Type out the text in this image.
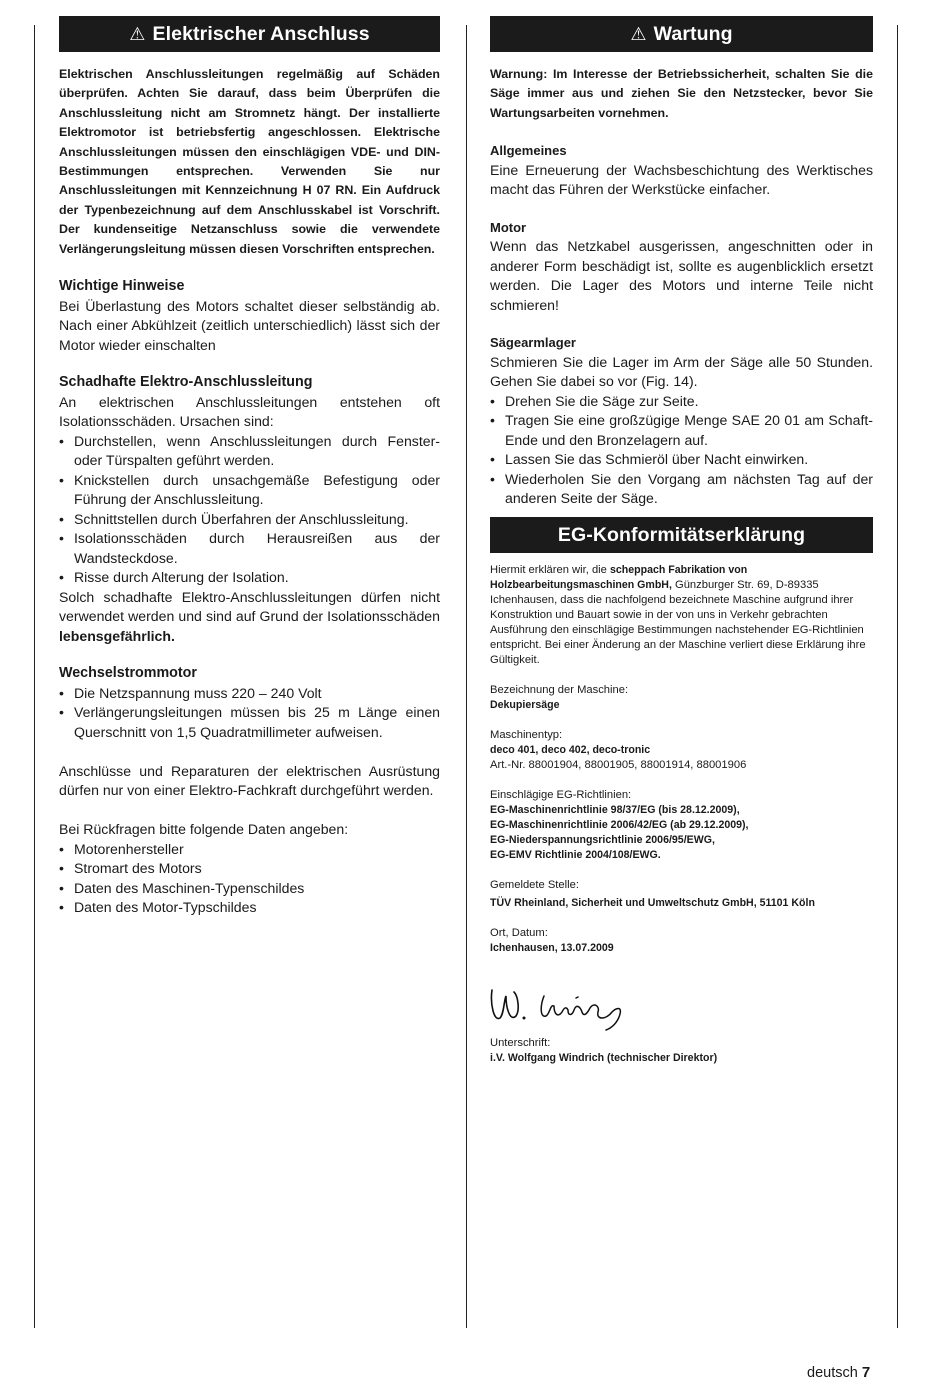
⚠ Elektrischer Anschluss

Elektrischen Anschlussleitungen regelmäßig auf Schäden überprüfen. Achten Sie darauf, dass beim Überprüfen die Anschlussleitung nicht am Stromnetz hängt. Der installierte Elektromotor ist betriebsfertig angeschlossen. Elektrische Anschlussleitungen müssen den einschlägigen VDE- und DIN-Bestimmungen entsprechen. Verwenden Sie nur Anschlussleitungen mit Kennzeichnung H 07 RN. Ein Aufdruck der Typenbezeichnung auf dem Anschlusskabel ist Vorschrift. Der kundenseitige Netzanschluss sowie die verwendete Verlängerungsleitung müssen diesen Vorschriften entsprechen.

Wichtige Hinweise

Bei Überlastung des Motors schaltet dieser selbständig ab. Nach einer Abkühlzeit (zeitlich unterschiedlich) lässt sich der Motor wieder einschalten

Schadhafte Elektro-Anschlussleitung

An elektrischen Anschlussleitungen entstehen oft Isolationsschäden. Ursachen sind:

• Durchstellen, wenn Anschlussleitungen durch Fenster- oder Türspalten geführt werden.
• Knickstellen durch unsachgemäße Befestigung oder Führung der Anschlussleitung.
• Schnittstellen durch Überfahren der Anschlussleitung.
• Isolationsschäden durch Herausreißen aus der Wandsteckdose.
• Risse durch Alterung der Isolation.

Solch schadhafte Elektro-Anschlussleitungen dürfen nicht verwendet werden und sind auf Grund der Isolationsschäden lebensgefährlich.

Wechselstrommotor

• Die Netzspannung muss 220 – 240 Volt
• Verlängerungsleitungen müssen bis 25 m Länge einen Querschnitt von 1,5 Quadratmillimeter aufweisen.

Anschlüsse und Reparaturen der elektrischen Ausrüstung dürfen nur von einer Elektro-Fachkraft durchgeführt werden.

Bei Rückfragen bitte folgende Daten angeben:

• Motorenhersteller
• Stromart des Motors
• Daten des Maschinen-Typenschildes
• Daten des Motor-Typschildes
⚠ Wartung

Warnung: Im Interesse der Betriebssicherheit, schalten Sie die Säge immer aus und ziehen Sie den Netzstecker, bevor Sie Wartungsarbeiten vornehmen.

Allgemeines

Eine Erneuerung der Wachsbeschichtung des Werktisches macht das Führen der Werkstücke einfacher.

Motor

Wenn das Netzkabel ausgerissen, angeschnitten oder in anderer Form beschädigt ist, sollte es augenblicklich ersetzt werden. Die Lager des Motors und interne Teile nicht schmieren!

Sägearmlager

Schmieren Sie die Lager im Arm der Säge alle 50 Stunden. Gehen Sie dabei so vor (Fig. 14).

• Drehen Sie die Säge zur Seite.
• Tragen Sie eine großzügige Menge SAE 20 01 am Schaft-Ende und den Bronzelagern auf.
• Lassen Sie das Schmieröl über Nacht einwirken.
• Wiederholen Sie den Vorgang am nächsten Tag auf der anderen Seite der Säge.
EG-Konformitätserklärung

Hiermit erklären wir, die scheppach Fabrikation von Holzbearbeitungsmaschinen GmbH, Günzburger Str. 69, D-89335 Ichenhausen, dass die nachfolgend bezeichnete Maschine aufgrund ihrer Konstruktion und Bauart sowie in der von uns in Verkehr gebrachten Ausführung den einschlägige Bestimmungen nachstehender EG-Richtlinien entspricht. Bei einer Änderung an der Maschine verliert diese Erklärung ihre Gültigkeit.

Bezeichnung der Maschine:

Dekupiersäge

Maschinentyp:

deco 401, deco 402, deco-tronic

Art.-Nr. 88001904, 88001905, 88001914, 88001906

Einschlägige EG-Richtlinien:

EG-Maschinenrichtlinie 98/37/EG (bis 28.12.2009),

EG-Maschinenrichtlinie 2006/42/EG (ab 29.12.2009),

EG-Niederspannungsrichtlinie 2006/95/EWG,

EG-EMV Richtlinie 2004/108/EWG.

Gemeldete Stelle:

TÜV Rheinland, Sicherheit und Umweltschutz GmbH, 51101 Köln

Ort, Datum:

Ichenhausen, 13.07.2009

Unterschrift:

i.V. Wolfgang Windrich (technischer Direktor)

deutsch 7
